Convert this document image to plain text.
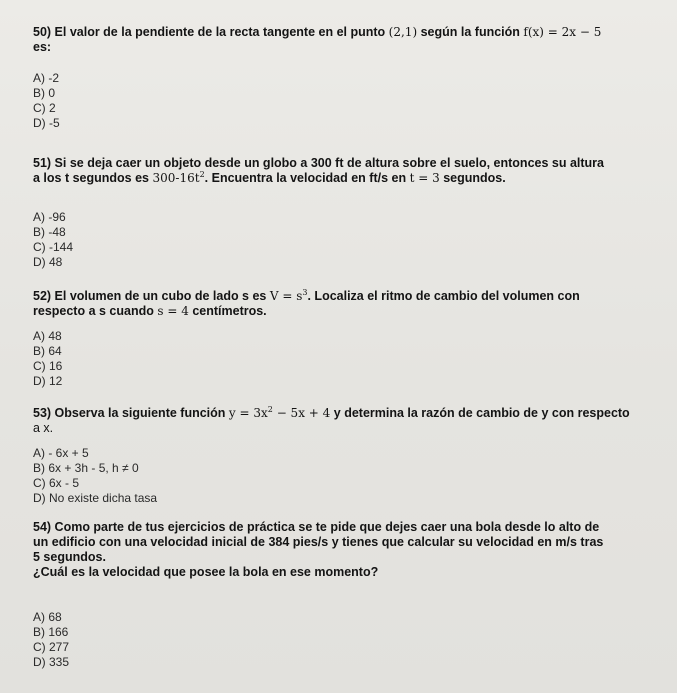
50) El valor de la pendiente de la recta tangente en el punto (2,1) según la función f(x) = 2x − 5
es:
A) -2
B) 0
C) 2
D) -5
51) Si se deja caer un objeto desde un globo a 300 ft de altura sobre el suelo, entonces su altura
a los t segundos es $300-16t^2$. Encuentra la velocidad en ft/s en t = 3 segundos.
A) -96
B) -48
C) -144
D) 48
52) El volumen de un cubo de lado s es $V = s^3$. Localiza el ritmo de cambio del volumen con
respecto a s cuando s = 4 centímetros.
A) 48
B) 64
C) 16
D) 12
53) Observa la siguiente función $y = 3x^2 - 5x + 4$ y determina la razón de cambio de y con respecto
a x.
A) - 6x + 5
B) 6x + 3h - 5, h ≠ 0
C) 6x - 5
D) No existe dicha tasa
54) Como parte de tus ejercicios de práctica se te pide que dejes caer una bola desde lo alto de
un edificio con una velocidad inicial de 384 pies/s y tienes que calcular su velocidad en m/s tras
5 segundos.
¿Cuál es la velocidad que posee la bola en ese momento?
A) 68
B) 166
C) 277
D) 335
